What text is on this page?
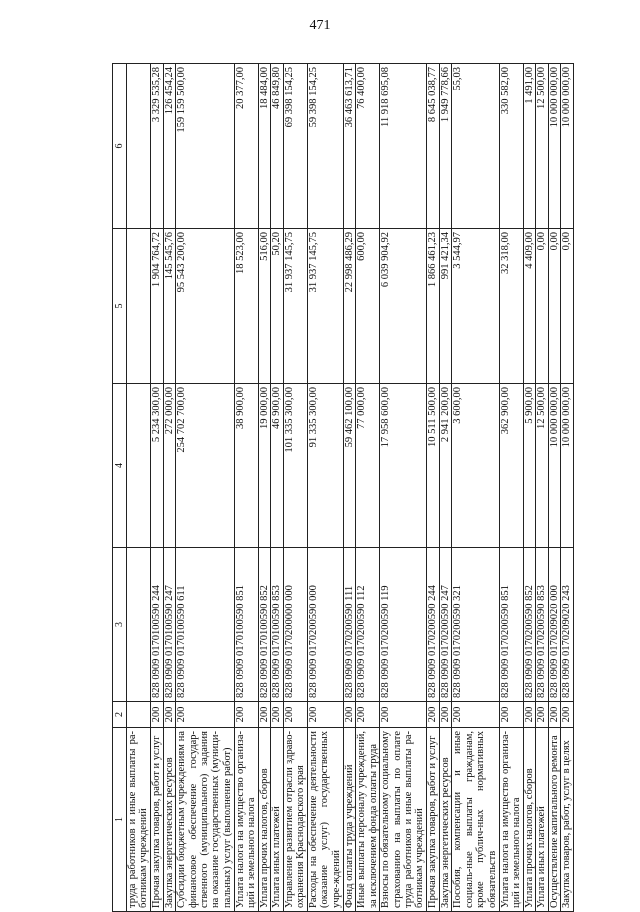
471
1	2	3	4	5	6
труда работников и иные выплаты ра-ботникам учреждений					
Прочая закупка товаров, работ и услуг	200	828 0909 0170100590 244	5 234 300,00	1 904 764,72	3 329 535,28
Закупка энергетических ресурсов	200	828 0909 0170100590 247	272 000,00	145 545,76	126 454,24
Субсидии бюджетным учреждениям на финансовое обеспечение государ-ственного (муниципального) задания на оказание государственных (муници-пальных) услуг (выполнение работ)	200	828 0909 0170100590 611	254 702 700,00	95 543 200,00	159 159 500,00
Уплата налога на имущество организа-ций и земельного налога	200	828 0909 0170100590 851	38 900,00	18 523,00	20 377,00
Уплата прочих налогов, сборов	200	828 0909 0170100590 852	19 000,00	516,00	18 484,00
Уплата иных платежей	200	828 0909 0170100590 853	46 900,00	50,20	46 849,80
Управление развитием отрасли здраво-охранения Краснодарского края	200	828 0909 0170200000 000	101 335 300,00	31 937 145,75	69 398 154,25
Расходы на обеспечение деятельности (оказание услуг) государственных учре-ждений	200	828 0909 0170200590 000	91 335 300,00	31 937 145,75	59 398 154,25
Фонд оплаты труда учреждений	200	828 0909 0170200590 111	59 462 100,00	22 998 486,29	36 463 613,71
Иные выплаты персоналу учреждений, за исключением фонда оплаты труда	200	828 0909 0170200590 112	77 000,00	600,00	76 400,00
Взносы по обязательному социальному страхованию на выплаты по оплате труда работников и иные выплаты ра-ботникам учреждений	200	828 0909 0170200590 119	17 958 600,00	6 039 904,92	11 918 695,08
Прочая закупка товаров, работ и услуг	200	828 0909 0170200590 244	10 511 500,00	1 866 461,23	8 645 038,77
Закупка энергетических ресурсов	200	828 0909 0170200590 247	2 941 200,00	991 421,34	1 949 778,66
Пособия, компенсации и иные социаль-ные выплаты гражданам, кроме публич-ных нормативных обязательств	200	828 0909 0170200590 321	3 600,00	3 544,97	55,03
Уплата налога на имущество организа-ций и земельного налога	200	828 0909 0170200590 851	362 900,00	32 318,00	330 582,00
Уплата прочих налогов, сборов	200	828 0909 0170200590 852	5 900,00	4 409,00	1 491,00
Уплата иных платежей	200	828 0909 0170200590 853	12 500,00	0,00	12 500,00
Осуществление капитального ремонта	200	828 0909 0170209020 000	10 000 000,00	0,00	10 000 000,00
Закупка товаров, работ, услуг в целях	200	828 0909 0170209020 243	10 000 000,00	0,00	10 000 000,00
